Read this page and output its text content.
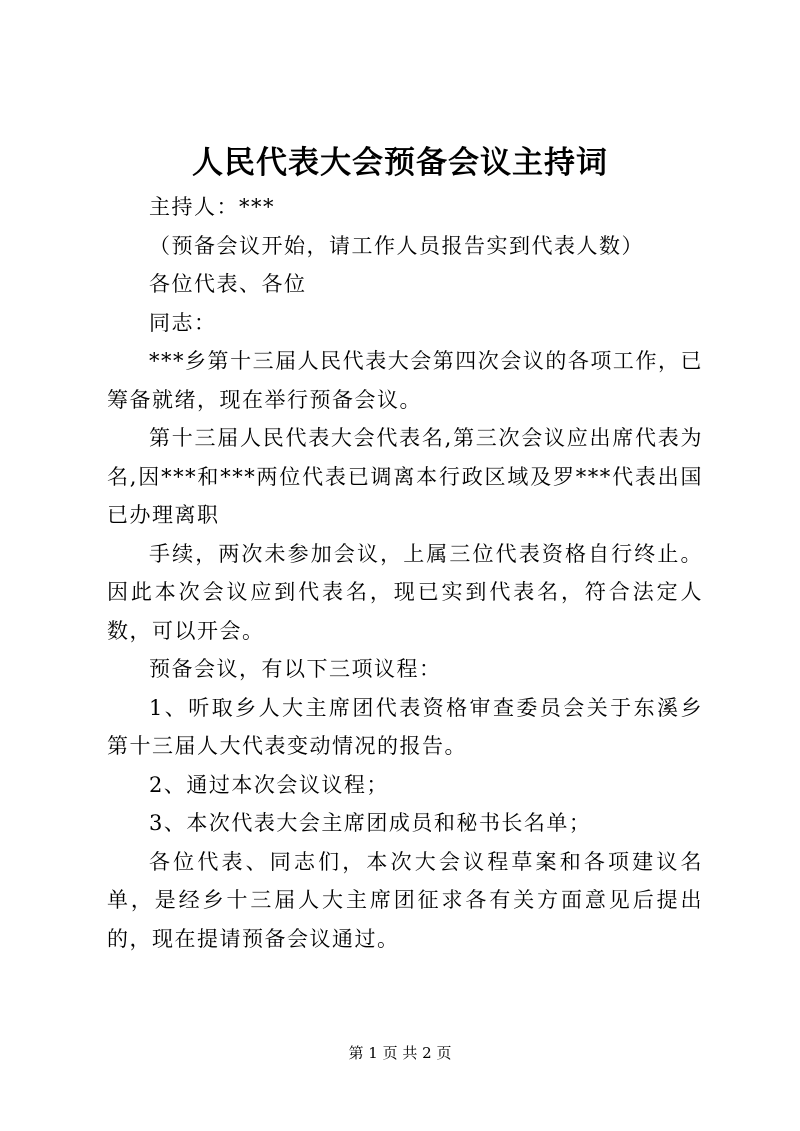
人民代表大会预备会议主持词

主持人：***

（预备会议开始，请工作人员报告实到代表人数）

各位代表、各位

同志：

***乡第十三届人民代表大会第四次会议的各项工作，已筹备就绪，现在举行预备会议。

第十三届人民代表大会代表名,第三次会议应出席代表为名,因***和***两位代表已调离本行政区域及罗***代表出国已办理离职

手续，两次未参加会议，上属三位代表资格自行终止。因此本次会议应到代表名，现已实到代表名，符合法定人数，可以开会。

预备会议，有以下三项议程：

1、听取乡人大主席团代表资格审查委员会关于东溪乡第十三届人大代表变动情况的报告。

2、通过本次会议议程；

3、本次代表大会主席团成员和秘书长名单；

各位代表、同志们，本次大会议程草案和各项建议名单，是经乡十三届人大主席团征求各有关方面意见后提出的，现在提请预备会议通过。

第 1 页 共 2 页
